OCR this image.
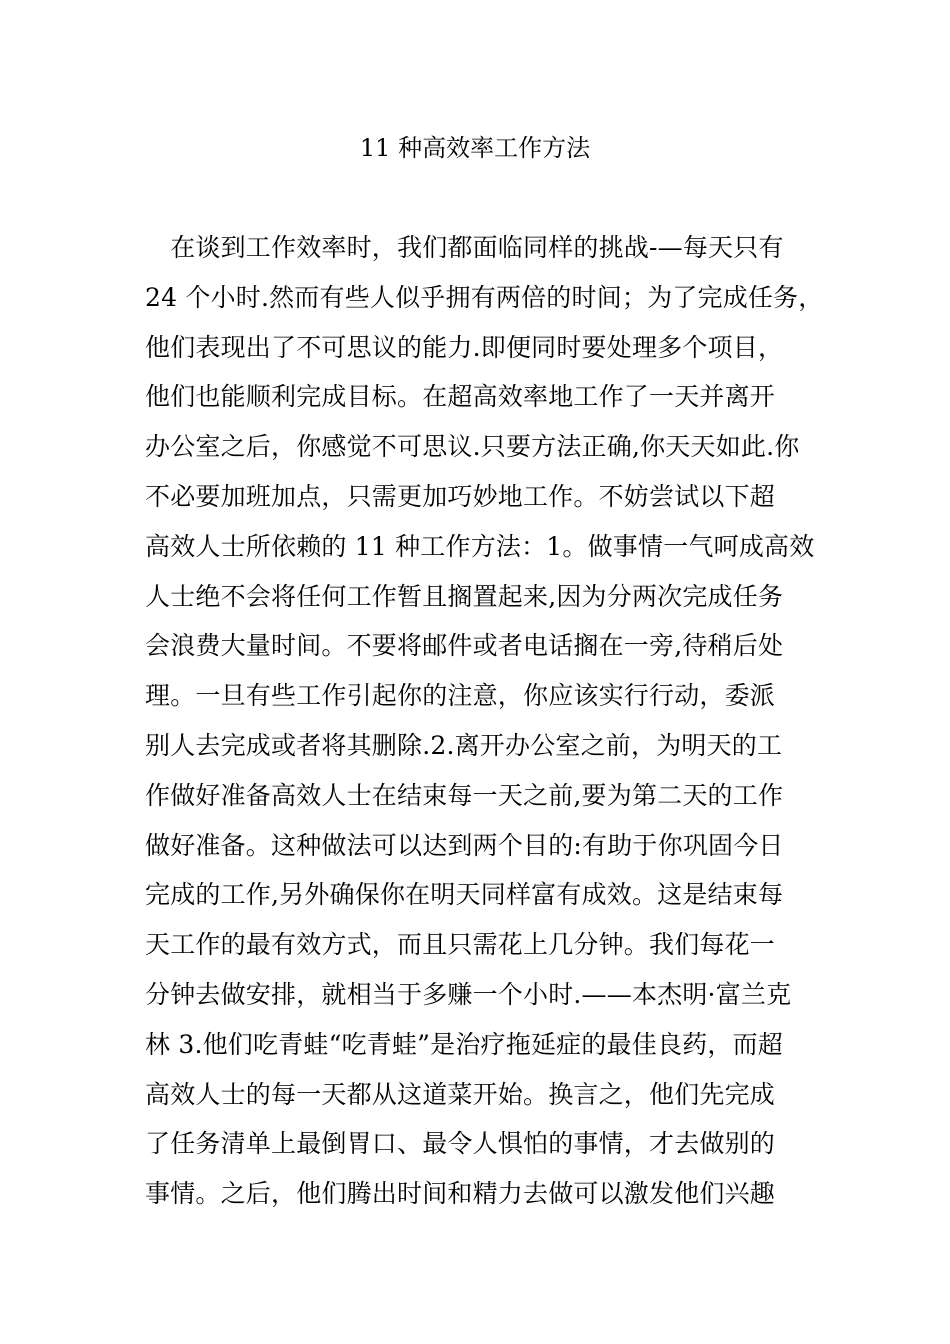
11 种高效率工作方法
　在谈到工作效率时，我们都面临同样的挑战-—每天只有
24 个小时.然而有些人似乎拥有两倍的时间；为了完成任务，
他们表现出了不可思议的能力.即便同时要处理多个项目，
他们也能顺利完成目标。在超高效率地工作了一天并离开
办公室之后，你感觉不可思议.只要方法正确,你天天如此.你
不必要加班加点，只需更加巧妙地工作。不妨尝试以下超
高效人士所依赖的 11 种工作方法：1。做事情一气呵成高效
人士绝不会将任何工作暂且搁置起来,因为分两次完成任务
会浪费大量时间。不要将邮件或者电话搁在一旁,待稍后处
理。一旦有些工作引起你的注意，你应该实行行动，委派
别人去完成或者将其删除.2.离开办公室之前，为明天的工
作做好准备高效人士在结束每一天之前,要为第二天的工作
做好准备。这种做法可以达到两个目的:有助于你巩固今日
完成的工作,另外确保你在明天同样富有成效。这是结束每
天工作的最有效方式，而且只需花上几分钟。我们每花一
分钟去做安排，就相当于多赚一个小时.——本杰明·富兰克
林 3.他们吃青蛙“吃青蛙”是治疗拖延症的最佳良药，而超
高效人士的每一天都从这道菜开始。换言之，他们先完成
了任务清单上最倒胃口、最令人惧怕的事情，才去做别的
事情。之后，他们腾出时间和精力去做可以激发他们兴趣
